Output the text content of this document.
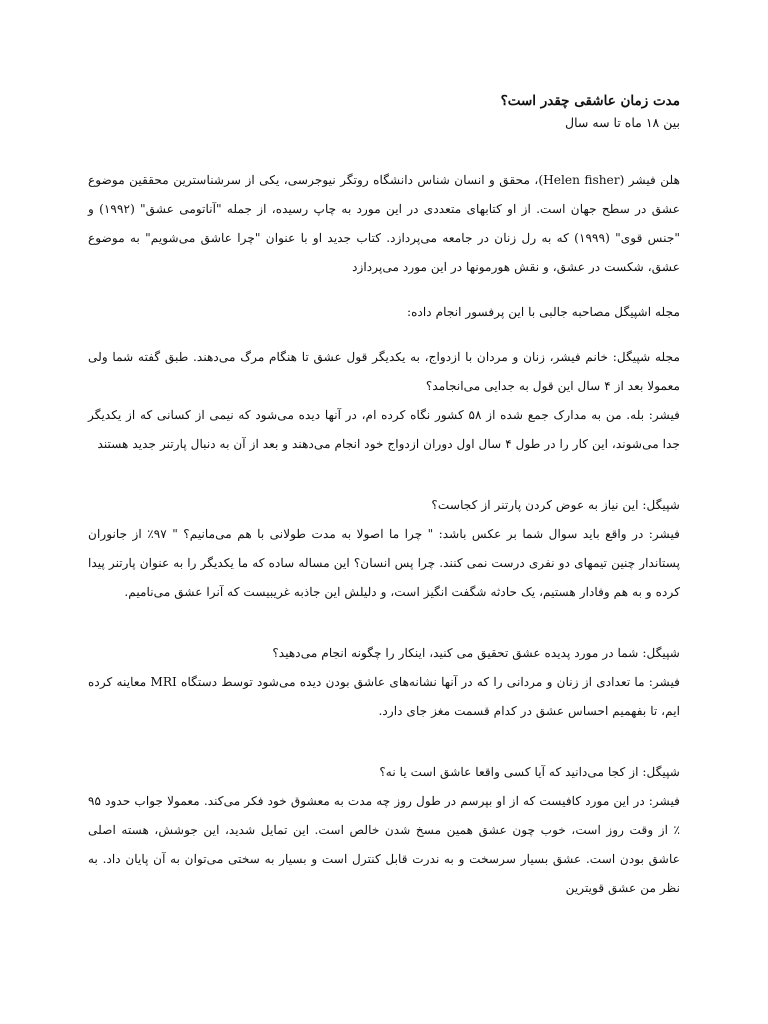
مدت زمان عاشقی چقدر است؟

بین ۱۸ ماه تا سه سال

هلن فیشر (Helen fisher)، محقق و انسان شناس دانشگاه روتگر نیوجرسی، یکی از سرشناسترین محققین موضوع عشق در سطح جهان است. از او کتابهای متعددی در این مورد به چاپ رسیده، از جمله "آناتومی عشق" (۱۹۹۲) و "جنس قوی" (۱۹۹۹) که به رل زنان در جامعه می‌پردازد. کتاب جدید او با عنوان "چرا عاشق می‌شویم" به موضوع عشق، شکست در عشق، و نقش هورمونها در این مورد می‌پردازد

مجله اشپیگل مصاحبه جالبی با این پرفسور انجام داده:

مجله شپیگل: خانم فیشر، زنان و مردان با ازدواج، به یکدیگر قول عشق تا هنگام مرگ می‌دهند. طبق گفته شما ولی معمولا بعد از ۴ سال این قول به جدایی می‌انجامد؟

فیشر: بله. من به مدارک جمع شده از ۵۸ کشور نگاه کرده ام، در آنها دیده می‌شود که نیمی از کسانی که از یکدیگر جدا می‌شوند، این کار را در طول ۴ سال اول دوران ازدواج خود انجام می‌دهند و بعد از آن به دنبال پارتنر جدید هستند

شپیگل: این نیاز به عوض کردن پارتنر از کجاست؟

فیشر: در واقع باید سوال شما بر عکس باشد: " چرا ما اصولا به مدت طولانی با هم می‌مانیم؟ " ۹۷٪ از جانوران پستاندار چنین تیمهای دو نفری درست نمی کنند. چرا پس انسان؟ این مساله ساده که ما یکدیگر را به عنوان پارتنر پیدا کرده و به هم وفادار هستیم، یک حادثه شگفت انگیز است، و دلیلش این جاذبه غریبیست که آنرا عشق می‌نامیم.

شپیگل: شما در مورد پدیده عشق تحقیق می کنید، اینکار را چگونه انجام می‌دهید؟

فیشر: ما تعدادی از زنان و مردانی را که در آنها نشانه‌های عاشق بودن دیده می‌شود توسط دستگاه MRI معاینه کرده ایم، تا بفهمیم احساس عشق در کدام قسمت مغز جای دارد.

شپیگل: از کجا می‌دانید که آیا کسی واقعا عاشق است یا نه؟

فیشر: در این مورد کافیست که از او بپرسم در طول روز چه مدت به معشوق خود فکر می‌کند. معمولا جواب حدود ۹۵ ٪ از وقت روز است، خوب چون عشق همین مسخ شدن خالص است. این تمایل شدید، این جوشش، هسته اصلی عاشق بودن است. عشق بسیار سرسخت و به ندرت قابل کنترل است و بسیار به سختی می‌توان به آن پایان داد. به نظر من عشق قویترین
